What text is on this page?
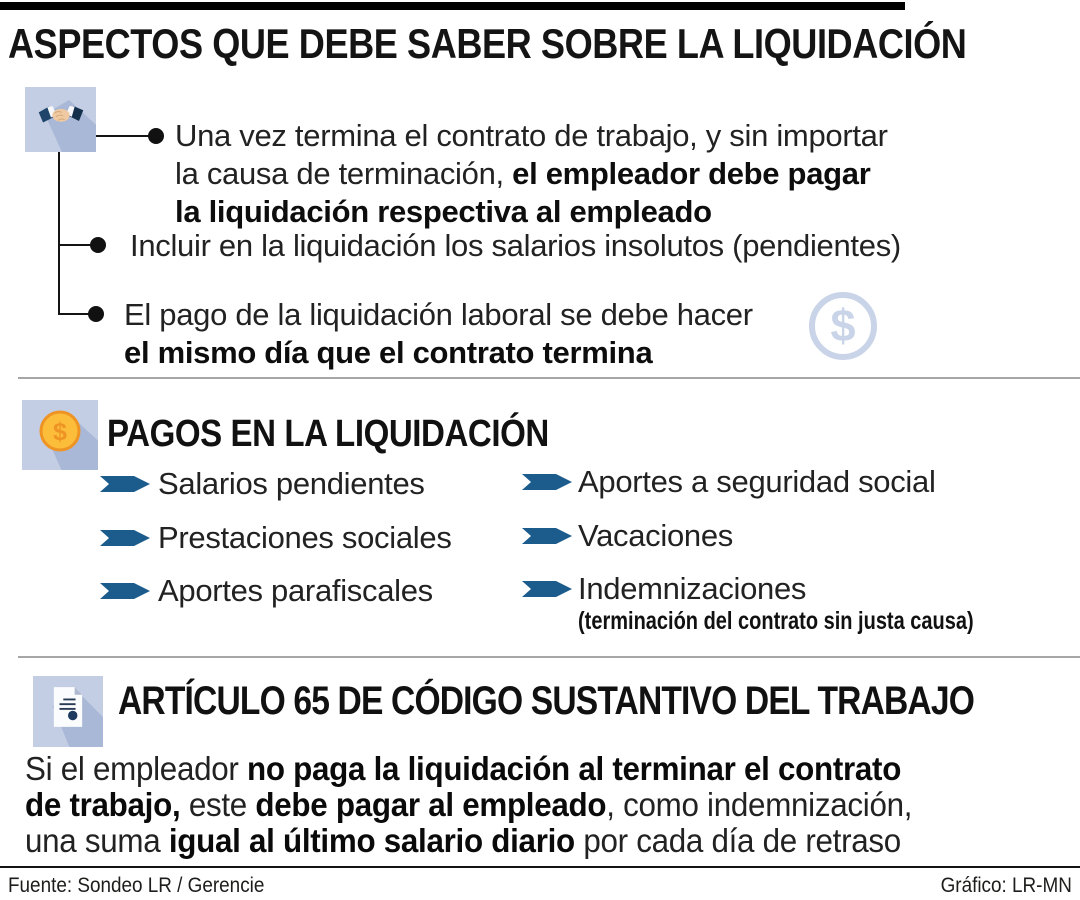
ASPECTOS QUE DEBE SABER SOBRE LA LIQUIDACIÓN
Una vez termina el contrato de trabajo, y sin importar
la causa de terminación, el empleador debe pagar
la liquidación respectiva al empleado
Incluir en la liquidación los salarios insolutos (pendientes)
El pago de la liquidación laboral se debe hacer
el mismo día que el contrato termina
$
$ PAGOS EN LA LIQUIDACIÓN
Salarios pendientes
Prestaciones sociales
Aportes parafiscales
Aportes a seguridad social
Vacaciones
Indemnizaciones
(terminación del contrato sin justa causa)
ARTÍCULO 65 DE CÓDIGO SUSTANTIVO DEL TRABAJO
Si el empleador no paga la liquidación al terminar el contrato
de trabajo, este debe pagar al empleado, como indemnización,
una suma igual al último salario diario por cada día de retraso
Fuente: Sondeo LR / Gerencie	Gráfico: LR-MN
